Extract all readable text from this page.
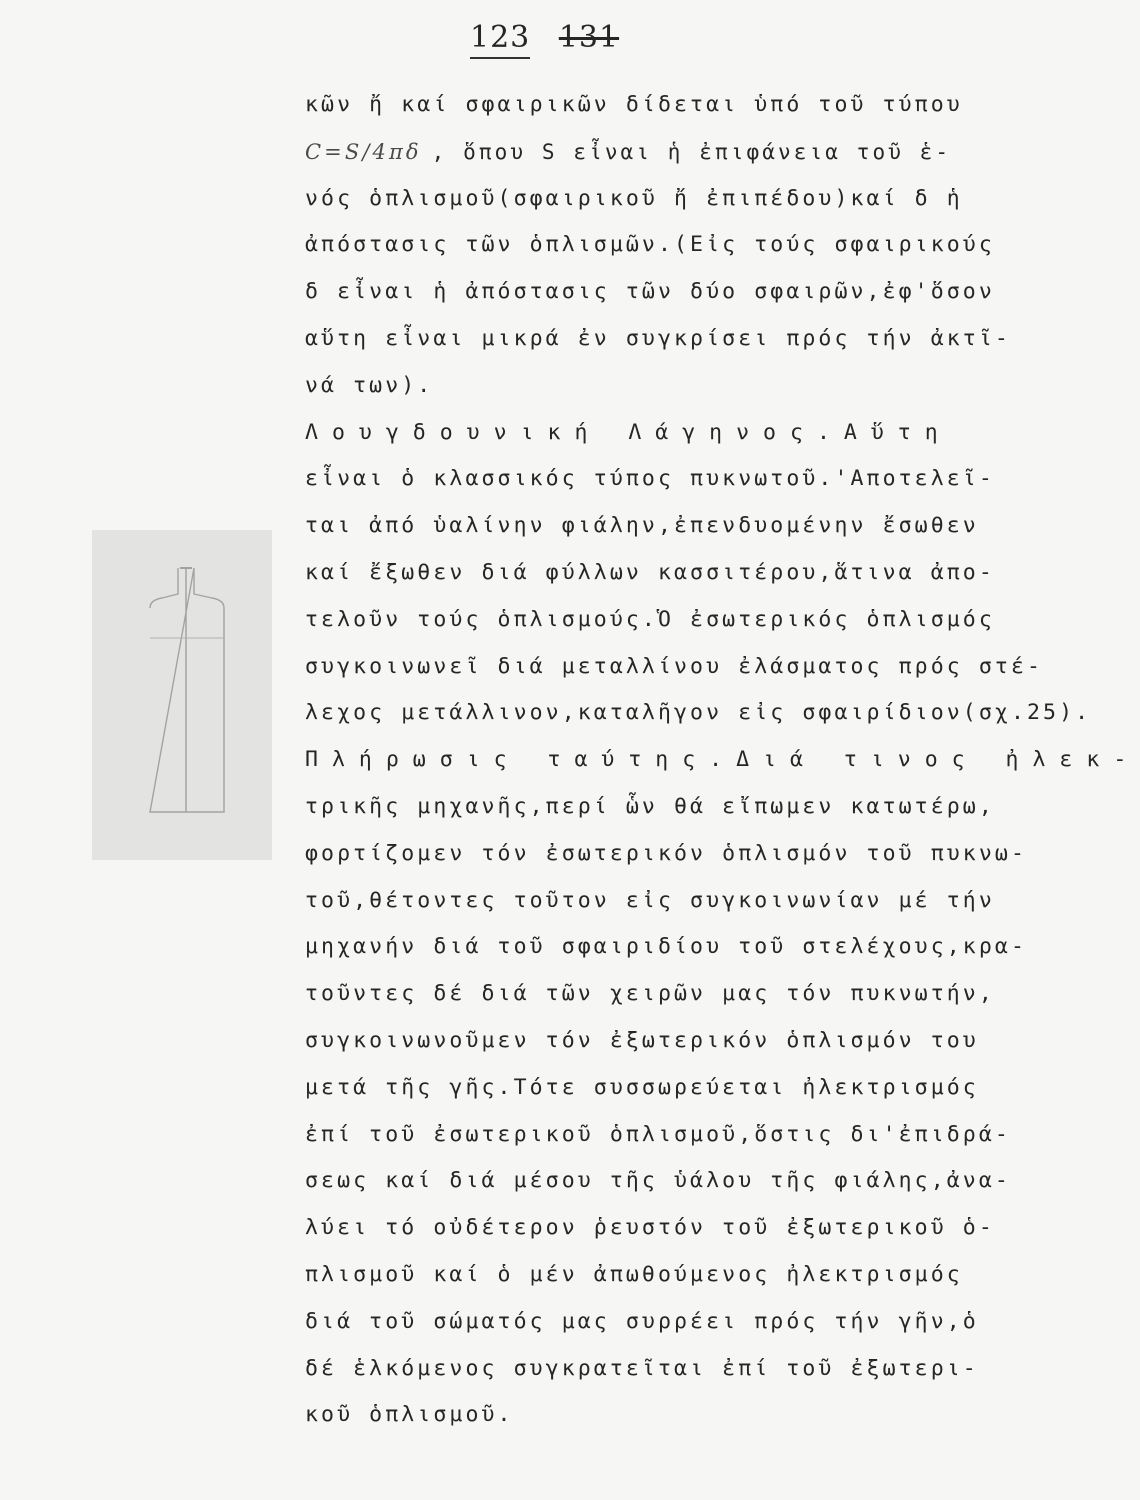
123 131
κῶν ἤ καί σφαιρικῶν δίδεται ὑπό τοῦ τύπου
C=S/4πδ , ὅπου S εἶναι ἡ ἐπιφάνεια τοῦ ἑ-
νός ὁπλισμοῦ(σφαιρικοῦ ἤ ἐπιπέδου)καί δ ἡ
ἀπόστασις τῶν ὁπλισμῶν.(Εἰς τούς σφαιρικούς
δ εἶναι ἡ ἀπόστασις τῶν δύο σφαιρῶν,ἐφ'ὅσον
αὕτη εἶναι μικρά ἐν συγκρίσει πρός τήν ἀκτῖ-
νά των).
Λουγδουνική Λάγηνος.Αὕτη
εἶναι ὁ κλασσικός τύπος πυκνωτοῦ.'Αποτελεῖ-
ται ἀπό ὑαλίνην φιάλην,ἐπενδυομένην ἔσωθεν
καί ἔξωθεν διά φύλλων κασσιτέρου,ἅτινα ἀπο-
τελοῦν τούς ὁπλισμούς.Ὁ ἐσωτερικός ὁπλισμός
συγκοινωνεῖ διά μεταλλίνου ἐλάσματος πρός στέ-
λεχος μετάλλινον,καταλῆγον εἰς σφαιρίδιον(σχ.25).
Πλήρωσις ταύτης.Διά τινος ἠλεκ-
τρικῆς μηχανῆς,περί ὧν θά εἴπωμεν κατωτέρω,
φορτίζομεν τόν ἐσωτερικόν ὁπλισμόν τοῦ πυκνω-
τοῦ,θέτοντες τοῦτον εἰς συγκοινωνίαν μέ τήν
μηχανήν διά τοῦ σφαιριδίου τοῦ στελέχους,κρα-
τοῦντες δέ διά τῶν χειρῶν μας τόν πυκνωτήν,
συγκοινωνοῦμεν τόν ἐξωτερικόν ὁπλισμόν του
μετά τῆς γῆς.Τότε συσσωρεύεται ἠλεκτρισμός
ἐπί τοῦ ἐσωτερικοῦ ὁπλισμοῦ,ὅστις δι'ἐπιδρά-
σεως καί διά μέσου τῆς ὑάλου τῆς φιάλης,ἀνα-
λύει τό οὐδέτερον ῥευστόν τοῦ ἐξωτερικοῦ ὁ-
πλισμοῦ καί ὁ μέν ἀπωθούμενος ἠλεκτρισμός
διά τοῦ σώματός μας συρρέει πρός τήν γῆν,ὁ
δέ ἑλκόμενος συγκρατεῖται ἐπί τοῦ ἐξωτερι-
κοῦ ὁπλισμοῦ.
